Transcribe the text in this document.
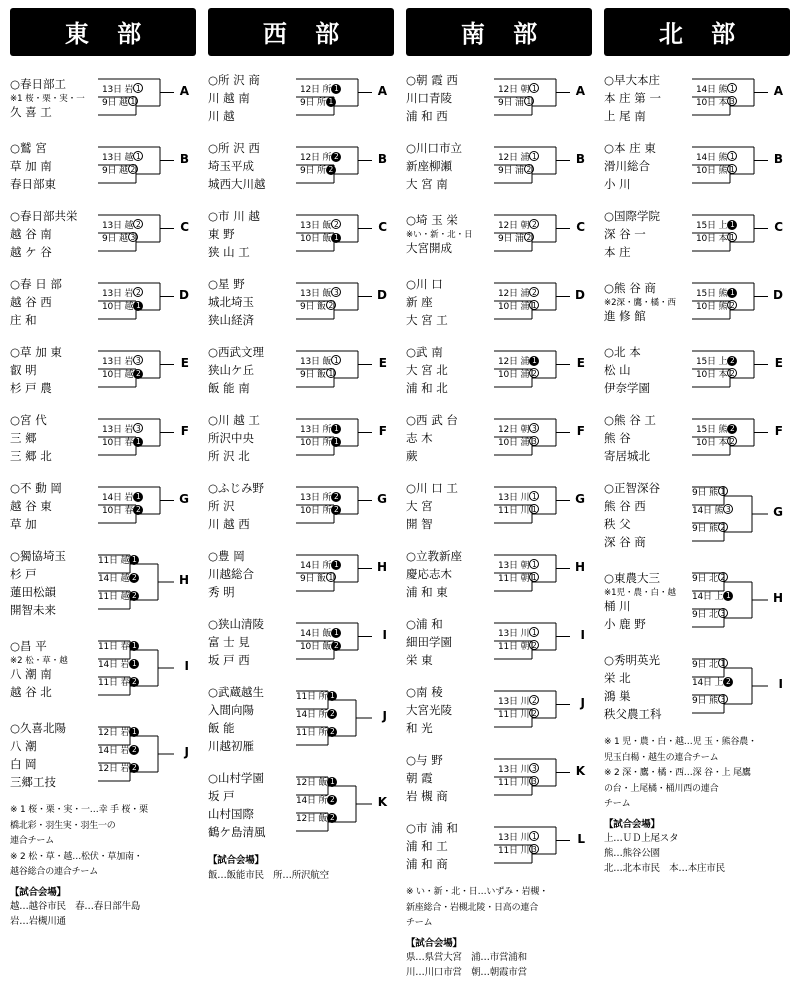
東 部
○春日部工
※1 桜・栗・実・一
久 喜 工
13日 岩 1
9日 越 1
A
○鷲 宮
草 加 南
春日部東
13日 越 1
9日 越 2
B
○春日部共栄
越 谷 南
越 ケ 谷
13日 越 2
9日 越 3
C
○春 日 部
越 谷 西
庄 和
13日 岩 2
10日 越 1
D
○草 加 東
叡 明
杉 戸 農
13日 岩 3
10日 越 2
E
○宮 代
三 郷
三 郷 北
13日 岩 3
10日 春 1
F
○不 動 岡
越 谷 東
草 加
14日 岩 1
10日 春 2
G
○獨協埼玉
杉 戸
蓮田松韻
開智未来
11日 越 1
14日 越 2
11日 越 2
H
○昌 平
※2 松・草・越
八 潮 南
越 谷 北
11日 春 1
14日 岩 1
11日 春 2
I
○久喜北陽
八 潮
白 岡
三郷工技
12日 岩 1
14日 岩 2
12日 岩 2
J
※ 1 桜・栗・実・一…幸 手 桜・栗
橋北彩・羽生実・羽生一の
連合チーム
※ 2 松・草・越…松伏・草加南・
越谷総合の連合チーム
【試合会場】
越…越谷市民　春…春日部牛島
岩…岩槻川通
西 部
○所 沢 商
川 越 南
川 越
12日 所 1
9日 所 1
A
○所 沢 西
埼玉平成
城西大川越
12日 所 2
9日 所 2
B
○市 川 越
東 野
狭 山 工
13日 飯 2
10日 飯 1
C
○星 野
城北埼玉
狭山経済
13日 飯 3
9日 飯 2
D
○西武文理
狭山ケ丘
飯 能 南
13日 飯 1
9日 飯 1
E
○川 越 工
所沢中央
所 沢 北
13日 所 1
10日 所 1
F
○ふじみ野
所 沢
川 越 西
13日 所 2
10日 所 2
G
○豊 岡
川越総合
秀 明
14日 所 1
9日 飯 1
H
○狭山清陵
富 士 見
坂 戸 西
14日 飯 1
10日 飯 2
I
○武蔵越生
入間向陽
飯 能
川越初雁
11日 所 1
14日 所 2
11日 所 2
J
○山村学園
坂 戸
山村国際
鶴ケ島清風
12日 飯 1
14日 所 2
12日 飯 2
K
【試合会場】
飯…飯能市民　所…所沢航空
南 部
○朝 霞 西
川口青陵
浦 和 西
12日 朝 1
9日 浦 1
A
○川口市立
新座柳瀬
大 宮 南
12日 浦 1
9日 浦 2
B
○埼 玉 栄
※い・新・北・日
大宮開成
12日 朝 2
9日 浦 2
C
○川 口
新 座
大 宮 工
12日 浦 2
10日 浦 1
D
○武 南
大 宮 北
浦 和 北
12日 浦 1
10日 浦 2
E
○西 武 台
志 木
蕨
12日 朝 3
10日 浦 3
F
○川 口 工
大 宮
開 智
13日 川 1
11日 川 1
G
○立教新座
慶応志木
浦 和 東
13日 朝 1
11日 朝 1
H
○浦 和
細田学園
栄 東
13日 川 1
11日 朝 2
I
○南 稜
大宮光陵
和 光
13日 川 2
11日 川 2
J
○与 野
朝 霞
岩 槻 商
13日 川 3
11日 川 3
K
○市 浦 和
浦 和 工
浦 和 商
13日 川 1
11日 川 3
L
※ い・新・北・日…いずみ・岩槻・
新座総合・岩槻北陵・日高の連合
チーム
【試合会場】
県…県営大宮　浦…市営浦和
川…川口市営　朝…朝霞市営
北 部
○早大本庄
本 庄 第 一
上 尾 南
14日 熊 1
10日 本 3
A
○本 庄 東
滑川総合
小 川
14日 熊 1
10日 熊 1
B
○国際学院
深 谷 一
本 庄
15日 上 1
10日 本 1
C
○熊 谷 商
※2深・鷹・橘・西
進 修 館
15日 熊 1
10日 熊 2
D
○北 本
松 山
伊奈学園
15日 上 2
10日 本 2
E
○熊 谷 工
熊 谷
寄居城北
15日 熊 2
10日 本 2
F
○正智深谷
熊 谷 西
秩 父
深 谷 商
9日 熊 1
14日 熊 3
9日 熊 2
G
○東農大三
※1児・農・白・越
桶 川
小 鹿 野
9日 北 2
14日 上 1
9日 北 3
H
○秀明英光
栄 北
鴻 巣
秩父農工科
9日 北 1
14日 上 2
9日 熊 3
I
※ 1 児・農・白・越…児 玉・熊谷農・
児玉白楊・越生の連合チーム
※ 2 深・鷹・橘・西…深 谷・上 尾鷹
の台・上尾橘・桶川西の連合
チーム
【試合会場】
上…ＵＤ上尾スタ
熊…熊谷公園
北…北本市民　本…本庄市民
